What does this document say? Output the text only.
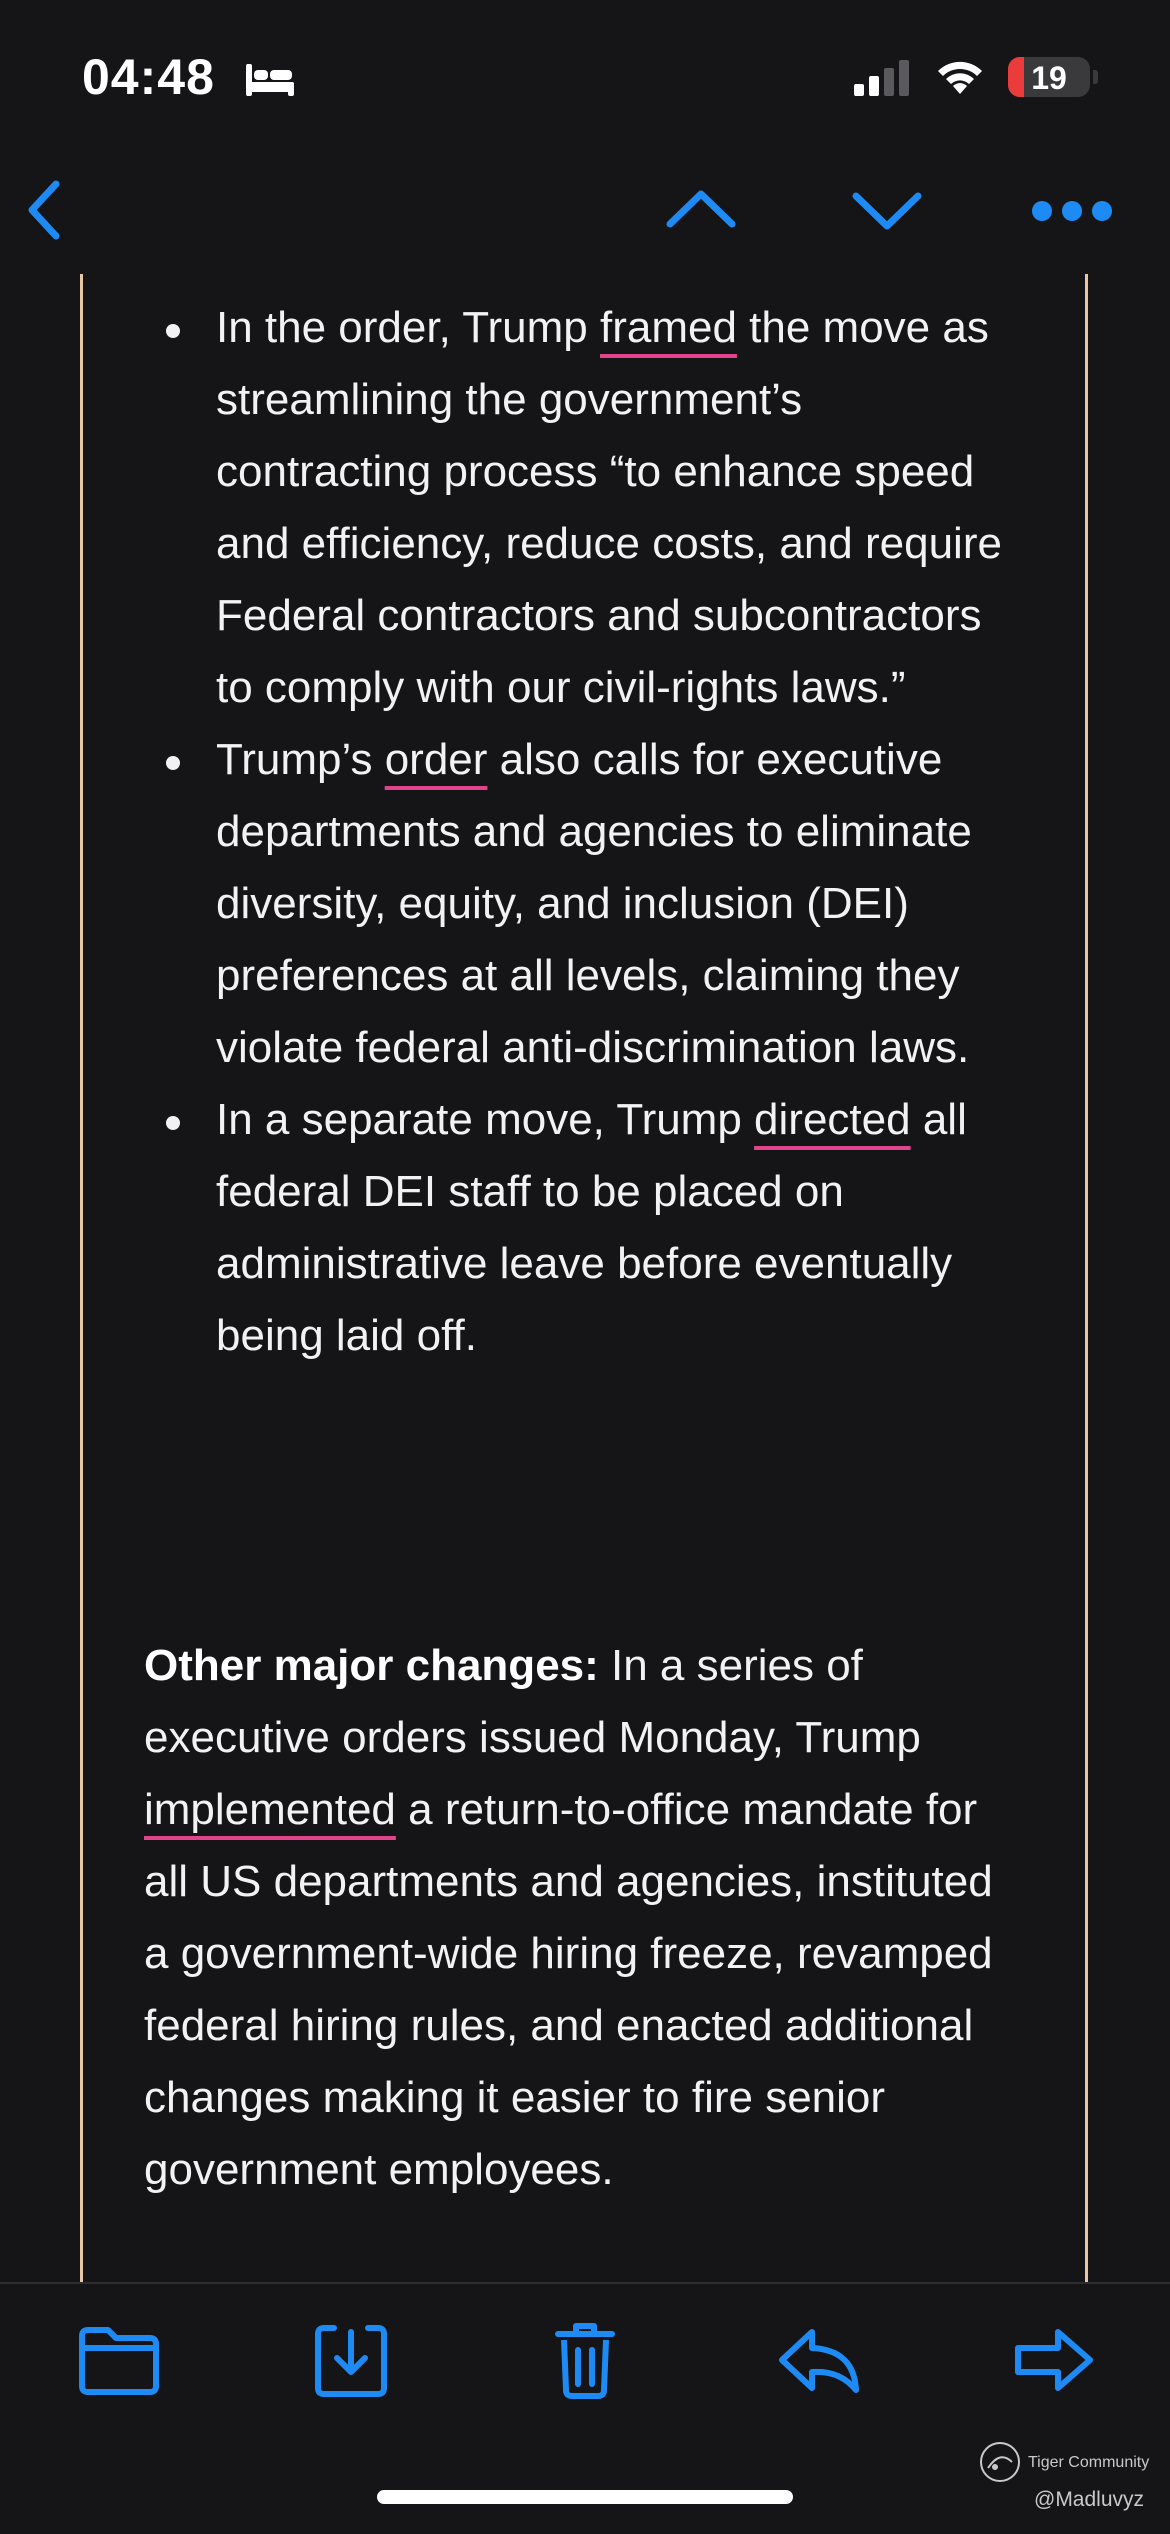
04:48	19
In the order, Trump framed the move as streamlining the government’s contracting process “to enhance speed and efficiency, reduce costs, and require Federal contractors and subcontractors to comply with our civil-rights laws.”
Trump’s order also calls for executive departments and agencies to eliminate diversity, equity, and inclusion (DEI) preferences at all levels, claiming they violate federal anti-discrimination laws.
In a separate move, Trump directed all federal DEI staff to be placed on administrative leave before eventually being laid off.

Other major changes: In a series of executive orders issued Monday, Trump implemented a return-to-office mandate for all US departments and agencies, instituted a government-wide hiring freeze, revamped federal hiring rules, and enacted additional changes making it easier to fire senior government employees.

Tiger Community
@Madluvyz
